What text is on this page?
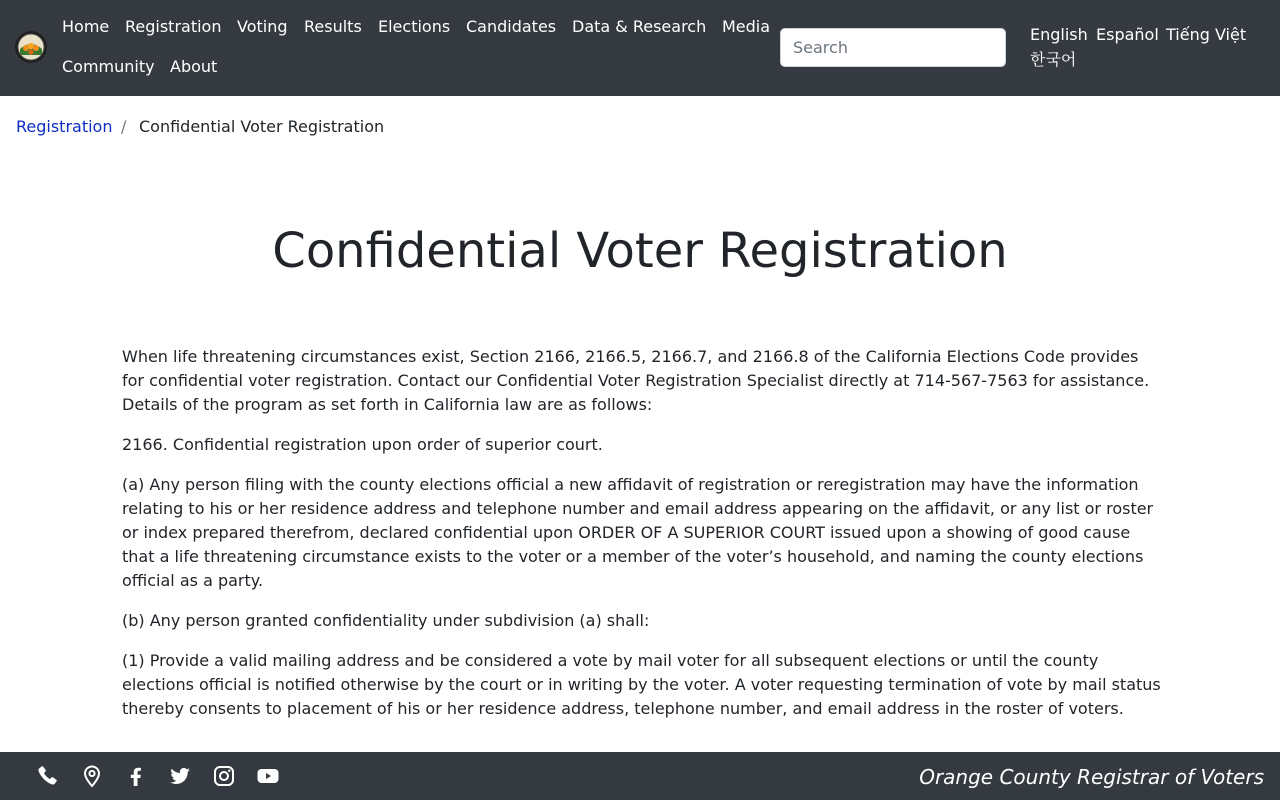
Home Registration Voting Results Elections Candidates Data & Research Media
Community About
Search
English Español Tiếng Việt
한국어
Registration / Confidential Voter Registration
Confidential Voter Registration

When life threatening circumstances exist, Section 2166, 2166.5, 2166.7, and 2166.8 of the California Elections Code provides for confidential voter registration. Contact our Confidential Voter Registration Specialist directly at 714-567-7563 for assistance. Details of the program as set forth in California law are as follows:

2166. Confidential registration upon order of superior court.

(a) Any person filing with the county elections official a new affidavit of registration or reregistration may have the information relating to his or her residence address and telephone number and email address appearing on the affidavit, or any list or roster or index prepared therefrom, declared confidential upon ORDER OF A SUPERIOR COURT issued upon a showing of good cause that a life threatening circumstance exists to the voter or a member of the voter’s household, and naming the county elections official as a party.

(b) Any person granted confidentiality under subdivision (a) shall:

(1) Provide a valid mailing address and be considered a vote by mail voter for all subsequent elections or until the county elections official is notified otherwise by the court or in writing by the voter. A voter requesting termination of vote by mail status thereby consents to placement of his or her residence address, telephone number, and email address in the roster of voters.

Orange County Registrar of Voters
